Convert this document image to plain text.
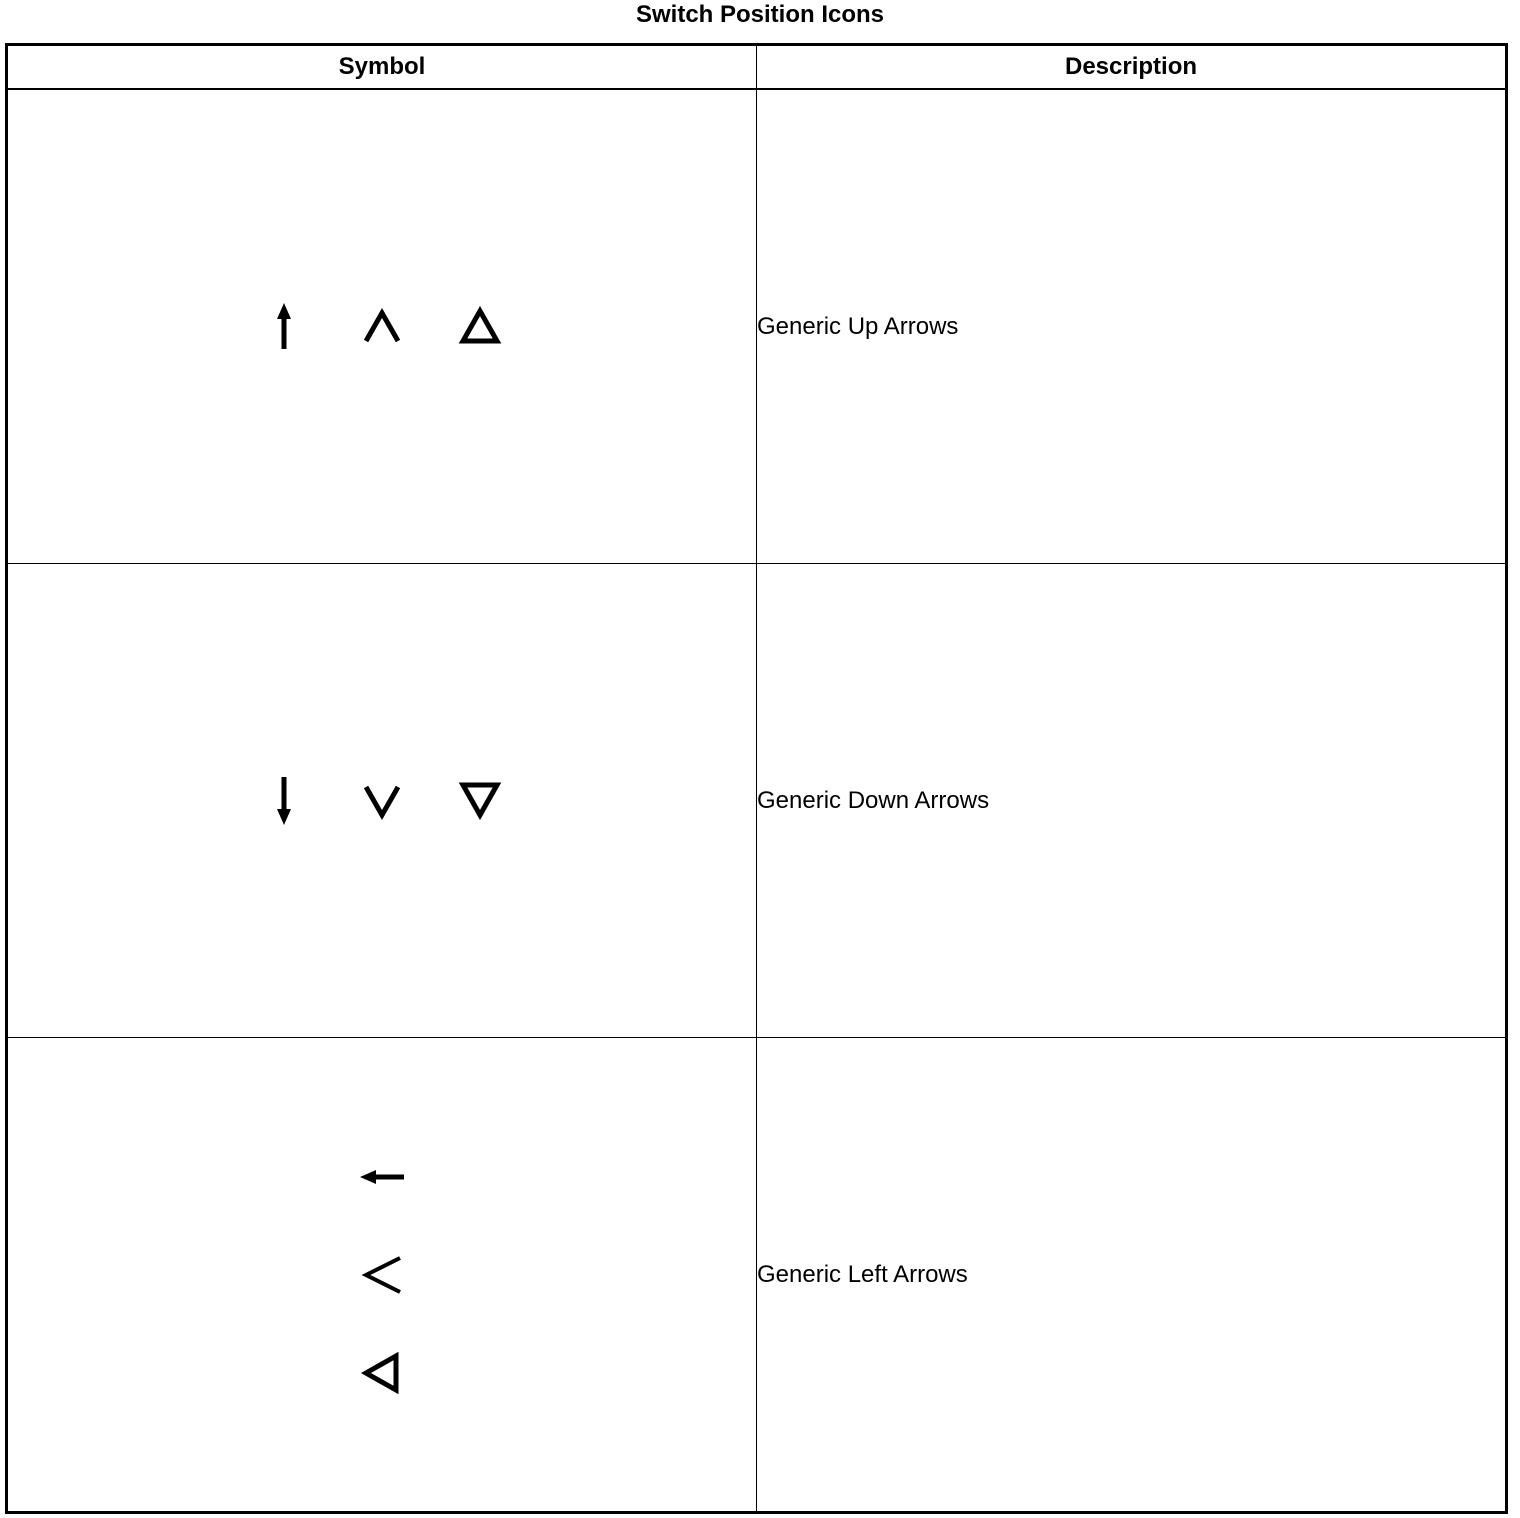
Switch Position Icons
Symbol	Description

	Generic Up Arrows

	Generic Down Arrows

	Generic Left Arrows
